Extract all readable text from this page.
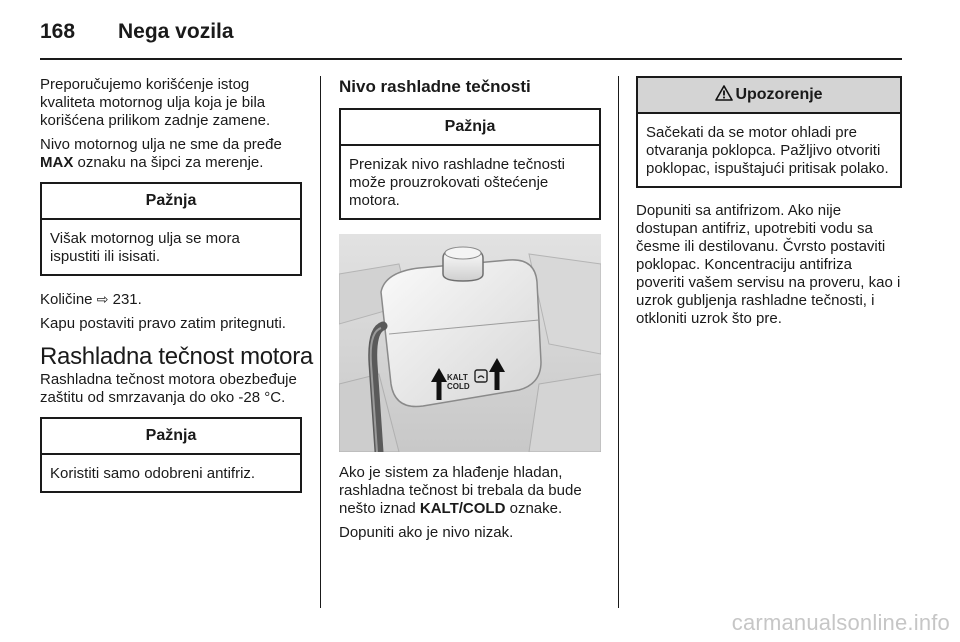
168 Nega vozila

Preporučujemo korišćenje istog kvaliteta motornog ulja koja je bila korišćena prilikom zadnje zamene.

Nivo motornog ulja ne sme da pređe MAX oznaku na šipci za merenje.

Pažnja
Višak motornog ulja se mora ispustiti ili isisati.

Količine ⇨ 231.

Kapu postaviti pravo zatim pritegnuti.

Rashladna tečnost motora

Rashladna tečnost motora obezbeđuje zaštitu od smrzavanja do oko -28 °C.

Pažnja
Koristiti samo odobreni antifriz.
Nivo rashladne tečnosti
Pažnja
Prenizak nivo rashladne tečnosti može prouzrokovati oštećenje motora.
KALT
COLD

Ako je sistem za hlađenje hladan, rashladna tečnost bi trebala da bude nešto iznad KALT/COLD oznake.

Dopuniti ako je nivo nizak.

Upozorenje
Sačekati da se motor ohladi pre otvaranja poklopca. Pažljivo otvoriti poklopac, ispuštajući pritisak polako.

Dopuniti sa antifrizom. Ako nije dostupan antifriz, upotrebiti vodu sa česme ili destilovanu. Čvrsto postaviti poklopac. Koncentraciju antifriza poveriti vašem servisu na proveru, kao i uzrok gubljenja rashladne tečnosti, i otkloniti uzrok što pre.

carmanualsonline.info
